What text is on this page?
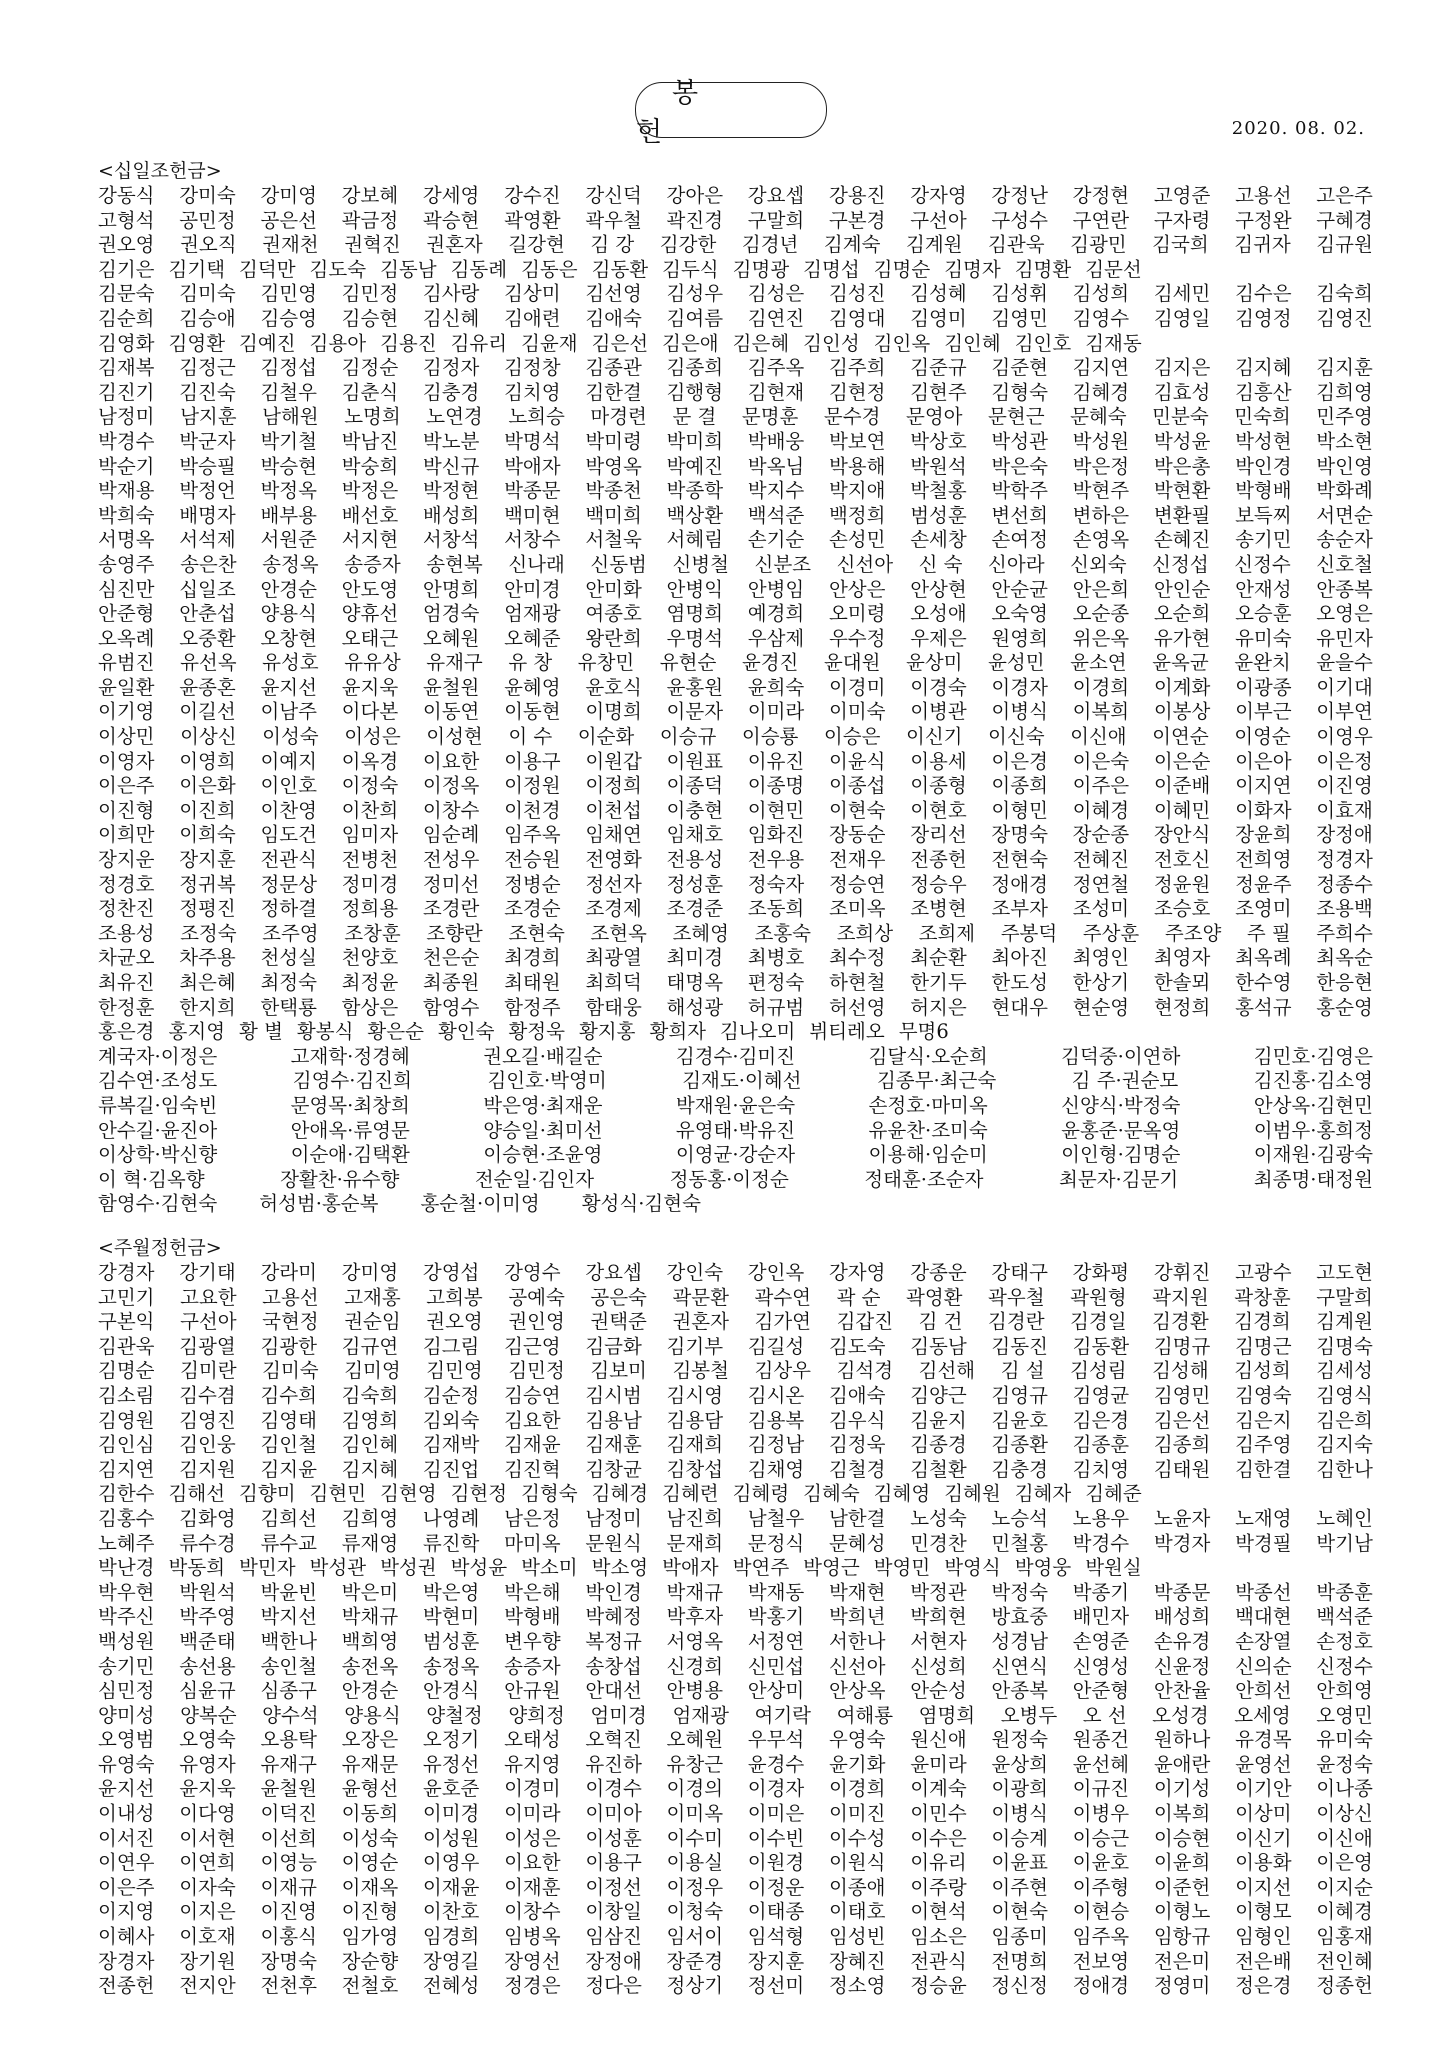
봉 헌	2020. 08. 02.
<십일조헌금>
강동식 강미숙 강미영 강보혜 강세영 강수진 강신덕 강아은 강요셉 강용진 강자영 강정난 강정현 고영준 고용선 고은주
고형석 공민정 공은선 곽금정 곽승현 곽영환 곽우철 곽진경 구말희 구본경 구선아 구성수 구연란 구자령 구정완 구혜경
권오영 권오직 권재천 권혁진 권혼자 길강현 김 강 김강한 김경년 김계숙 김계원 김관욱 김광민 김국희 김귀자 김규원
김기은 김기택 김덕만 김도숙 김동남 김동례 김동은 김동환 김두식 김명광 김명섭 김명순 김명자 김명환 김문선
김문숙 김미숙 김민영 김민정 김사랑 김상미 김선영 김성우 김성은 김성진 김성혜 김성휘 김성희 김세민 김수은 김숙희
김순희 김승애 김승영 김승현 김신혜 김애련 김애숙 김여름 김연진 김영대 김영미 김영민 김영수 김영일 김영정 김영진
김영화 김영환 김예진 김용아 김용진 김유리 김윤재 김은선 김은애 김은혜 김인성 김인옥 김인혜 김인호 김재동
김재복 김정근 김정섭 김정순 김정자 김정창 김종관 김종희 김주옥 김주희 김준규 김준현 김지연 김지은 김지혜 김지훈
김진기 김진숙 김철우 김춘식 김충경 김치영 김한결 김행형 김현재 김현정 김현주 김형숙 김혜경 김효성 김흥산 김희영
남정미 남지훈 남해원 노명희 노연경 노희승 마경련 문 결 문명훈 문수경 문영아 문현근 문혜숙 민분숙 민숙희 민주영
박경수 박군자 박기철 박남진 박노분 박명석 박미령 박미희 박배웅 박보연 박상호 박성관 박성원 박성윤 박성현 박소현
박순기 박승필 박승현 박숭희 박신규 박애자 박영옥 박예진 박옥님 박용해 박원석 박은숙 박은정 박은총 박인경 박인영
박재용 박정언 박정옥 박정은 박정현 박종문 박종천 박종학 박지수 박지애 박철홍 박학주 박현주 박현환 박형배 박화례
박희숙 배명자 배부용 배선호 배성희 백미현 백미희 백상환 백석준 백정희 범성훈 변선희 변하은 변환필 보득찌 서면순
서명옥 서석제 서원준 서지현 서창석 서창수 서철욱 서혜림 손기순 손성민 손세창 손여정 손영옥 손혜진 송기민 송순자
송영주 송은찬 송정옥 송증자 송현복 신나래 신동범 신병철 신분조 신선아 신 숙 신아라 신외숙 신정섭 신정수 신호철
심진만 십일조 안경순 안도영 안명희 안미경 안미화 안병익 안병임 안상은 안상현 안순균 안은희 안인순 안재성 안종복
안준형 안춘섭 양용식 양휴선 엄경숙 엄재광 여종호 염명희 예경희 오미령 오성애 오숙영 오순종 오순희 오승훈 오영은
오옥례 오중환 오창현 오태근 오혜원 오혜준 왕란희 우명석 우삼제 우수정 우제은 원영희 위은옥 유가현 유미숙 유민자
유범진 유선옥 유성호 유유상 유재구 유 창 유창민 유현순 윤경진 윤대원 윤상미 윤성민 윤소연 윤옥균 윤완치 윤을수
윤일환 윤종혼 윤지선 윤지욱 윤철원 윤혜영 윤호식 윤홍원 윤희숙 이경미 이경숙 이경자 이경희 이계화 이광종 이기대
이기영 이길선 이남주 이다본 이동연 이동현 이명희 이문자 이미라 이미숙 이병관 이병식 이복희 이봉상 이부근 이부연
이상민 이상신 이성숙 이성은 이성현 이 수 이순화 이승규 이승룡 이승은 이신기 이신숙 이신애 이연순 이영순 이영우
이영자 이영희 이예지 이옥경 이요한 이용구 이원갑 이원표 이유진 이윤식 이용세 이은경 이은숙 이은순 이은아 이은정
이은주 이은화 이인호 이정숙 이정옥 이정원 이정희 이종덕 이종명 이종섭 이종형 이종희 이주은 이준배 이지연 이진영
이진형 이진희 이찬영 이찬희 이창수 이천경 이천섭 이충현 이현민 이현숙 이현호 이형민 이혜경 이혜민 이화자 이효재
이희만 이희숙 임도건 임미자 임순례 임주옥 임채연 임채호 임화진 장동순 장리선 장명숙 장순종 장안식 장윤희 장정애
장지운 장지훈 전관식 전병천 전성우 전승원 전영화 전용성 전우용 전재우 전종헌 전현숙 전혜진 전호신 전희영 정경자
정경호 정귀복 정문상 정미경 정미선 정병순 정선자 정성훈 정숙자 정승연 정승우 정애경 정연철 정윤원 정윤주 정종수
정찬진 정평진 정하결 정희용 조경란 조경순 조경제 조경준 조동희 조미옥 조병현 조부자 조성미 조승호 조영미 조용백
조용성 조정숙 조주영 조창훈 조향란 조현숙 조현옥 조혜영 조홍숙 조희상 조희제 주봉덕 주상훈 주조양 주 필 주희수
차균오 차주용 천성실 천양호 천은순 최경희 최광열 최미경 최병호 최수정 최순환 최아진 최영인 최영자 최옥례 최옥순
최유진 최은혜 최정숙 최정윤 최종원 최태원 최희덕 태명옥 편정숙 하현철 한기두 한도성 한상기 한솔뫼 한수영 한응현
한정훈 한지희 한택룡 함상은 함영수 함정주 함태웅 해성광 허규범 허선영 허지은 현대우 현순영 현정희 홍석규 홍순영
홍은경 홍지영 황 별 황봉식 황은순 황인숙 황정욱 황지홍 황희자 김나오미 뷔티레오 무명6
계국자·이정은	고재학·정경혜	권오길·배길순	김경수·김미진	김달식·오순희	김덕중·이연하	김민호·김영은
김수연·조성도	김영수·김진희	김인호·박영미	김재도·이혜선	김종무·최근숙	김 주·권순모	김진홍·김소영
류복길·임숙빈	문영목·최창희	박은영·최재운	박재원·윤은숙	손정호·마미옥	신양식·박정숙	안상옥·김현민
안수길·윤진아	안애옥·류영문	양승일·최미선	유영태·박유진	유윤찬·조미숙	윤홍준·문옥영	이범우·홍희정
이상학·박신향	이순애·김택환	이승현·조윤영	이영균·강순자	이용해·임순미	이인형·김명순	이재원·김광숙
이 혁·김옥향	장활찬·유수향	전순일·김인자	정동홍·이정순	정태훈·조순자	최문자·김문기	최종명·태정원
함영수·김현숙 허성범·홍순복 홍순철·이미영 황성식·김현숙
<주월정헌금>
강경자 강기태 강라미 강미영 강영섭 강영수 강요셉 강인숙 강인옥 강자영 강종운 강태구 강화평 강휘진 고광수 고도현
고민기 고요한 고용선 고재홍 고희봉 공예숙 공은숙 곽문환 곽수연 곽 순 곽영환 곽우철 곽원형 곽지원 곽창훈 구말희
구본익 구선아 국현정 권순임 권오영 권인영 권택준 권혼자 김가연 김갑진 김 건 김경란 김경일 김경환 김경희 김계원
김관욱 김광열 김광한 김규연 김그림 김근영 김금화 김기부 김길성 김도숙 김동남 김동진 김동환 김명규 김명근 김명숙
김명순 김미란 김미숙 김미영 김민영 김민정 김보미 김봉철 김상우 김석경 김선해 김 설 김성림 김성해 김성희 김세성
김소림 김수겸 김수희 김숙희 김순정 김승연 김시범 김시영 김시온 김애숙 김양근 김영규 김영균 김영민 김영숙 김영식
김영원 김영진 김영태 김영희 김외숙 김요한 김용남 김용담 김용복 김우식 김윤지 김윤호 김은경 김은선 김은지 김은희
김인심 김인웅 김인철 김인혜 김재박 김재윤 김재훈 김재희 김정남 김정욱 김종경 김종환 김종훈 김종희 김주영 김지숙
김지연 김지원 김지윤 김지혜 김진업 김진혁 김창균 김창섭 김채영 김철경 김철환 김충경 김치영 김태원 김한결 김한나
김한수 김해선 김향미 김현민 김현영 김현정 김형숙 김혜경 김혜련 김혜령 김혜숙 김혜영 김혜원 김혜자 김혜준
김홍수 김화영 김희선 김희영 나영례 남은정 남정미 남진희 남철우 남한결 노성숙 노승석 노용우 노윤자 노재영 노혜인
노혜주 류수경 류수교 류재영 류진학 마미옥 문원식 문재희 문정식 문혜성 민경찬 민철홍 박경수 박경자 박경필 박기남
박난경 박동희 박민자 박성관 박성권 박성윤 박소미 박소영 박애자 박연주 박영근 박영민 박영식 박영웅 박원실
박우현 박원석 박윤빈 박은미 박은영 박은해 박인경 박재규 박재동 박재현 박정관 박정숙 박종기 박종문 박종선 박종훈
박주신 박주영 박지선 박채규 박현미 박형배 박혜정 박후자 박홍기 박희년 박희현 방효중 배민자 배성희 백대현 백석준
백성원 백준태 백한나 백희영 범성훈 변우향 복정규 서영옥 서정연 서한나 서현자 성경남 손영준 손유경 손장열 손정호
송기민 송선용 송인철 송전옥 송정옥 송증자 송창섭 신경희 신민섭 신선아 신성희 신연식 신영성 신윤정 신의순 신정수
심민정 심윤규 심종구 안경순 안경식 안규원 안대선 안병용 안상미 안상옥 안순성 안종복 안준형 안찬율 안희선 안희영
양미성 양복순 양수석 양용식 양철정 양희정 엄미경 엄재광 여기락 여해룡 염명희 오병두 오 선 오성경 오세영 오영민
오영범 오영숙 오용탁 오장은 오정기 오태성 오혁진 오혜원 우무석 우영숙 원신애 원정숙 원종건 원하나 유경목 유미숙
유영숙 유영자 유재구 유재문 유정선 유지영 유진하 유창근 윤경수 윤기화 윤미라 윤상희 윤선혜 윤애란 윤영선 윤정숙
윤지선 윤지욱 윤철원 윤형선 윤호준 이경미 이경수 이경의 이경자 이경희 이계숙 이광희 이규진 이기성 이기안 이나종
이내성 이다영 이덕진 이동희 이미경 이미라 이미아 이미옥 이미은 이미진 이민수 이병식 이병우 이복희 이상미 이상신
이서진 이서현 이선희 이성숙 이성원 이성은 이성훈 이수미 이수빈 이수성 이수은 이승계 이승근 이승현 이신기 이신애
이연우 이연희 이영능 이영순 이영우 이요한 이용구 이용실 이원경 이원식 이유리 이윤표 이윤호 이윤희 이용화 이은영
이은주 이자숙 이재규 이재옥 이재윤 이재훈 이정선 이정우 이정운 이종애 이주랑 이주현 이주형 이준헌 이지선 이지순
이지영 이지은 이진영 이진형 이찬호 이창수 이창일 이청숙 이태종 이태호 이현석 이현숙 이현승 이형노 이형모 이혜경
이혜사 이호재 이홍식 임가영 임경희 임병옥 임삼진 임서이 임석형 임성빈 임소은 임종미 임주옥 임항규 임형인 임홍재
장경자 장기원 장명숙 장순향 장영길 장영선 장정애 장준경 장지훈 장혜진 전관식 전명희 전보영 전은미 전은배 전인혜
전종헌 전지안 전천후 전철호 전혜성 정경은 정다은 정상기 정선미 정소영 정승윤 정신정 정애경 정영미 정은경 정종헌
